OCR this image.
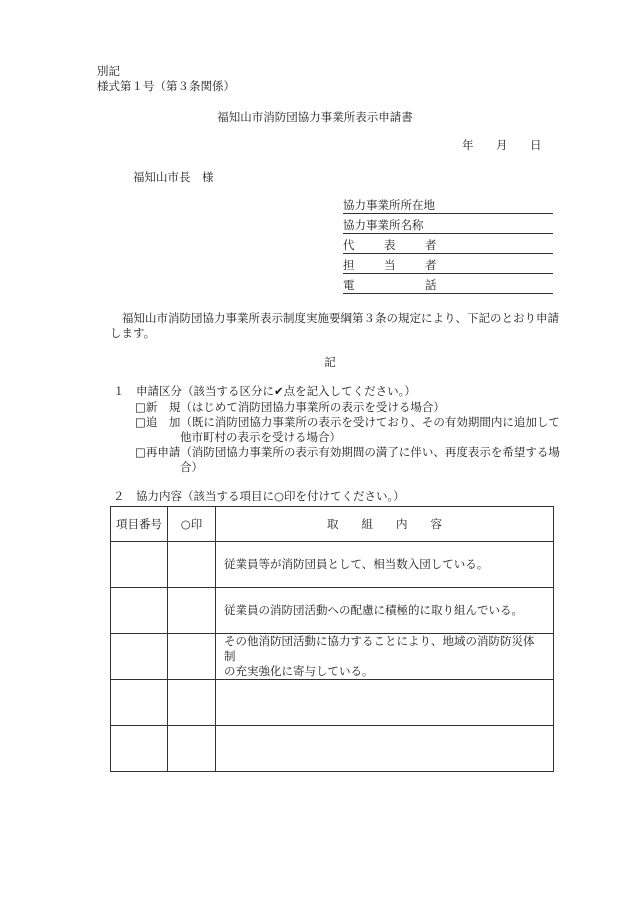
別記
様式第１号（第３条関係）
福知山市消防団協力事業所表示申請書
年 月 日
福知山市長　様
協力事業所所在地
協力事業所名称
代	表	者
担	当	者
電	話
福知山市消防団協力事業所表示制度実施要綱第３条の規定により、下記のとおり申請
します。
記
１　申請区分（該当する区分に✔点を記入してください。）
□新　規（はじめて消防団協力事業所の表示を受ける場合）
□追　加（既に消防団協力事業所の表示を受けており、その有効期間内に追加して
他市町村の表示を受ける場合）
□再申請（消防団協力事業所の表示有効期間の満了に伴い、再度表示を希望する場
合）
２　協力内容（該当する項目に○印を付けてください。）
項目番号	○印	取　　組　　内　　容

		従業員等が消防団員として、相当数入団している。

		従業員の消防団活動への配慮に積極的に取り組んでいる。

		その他消防団活動に協力することにより、地域の消防防災体制
の充実強化に寄与している。
